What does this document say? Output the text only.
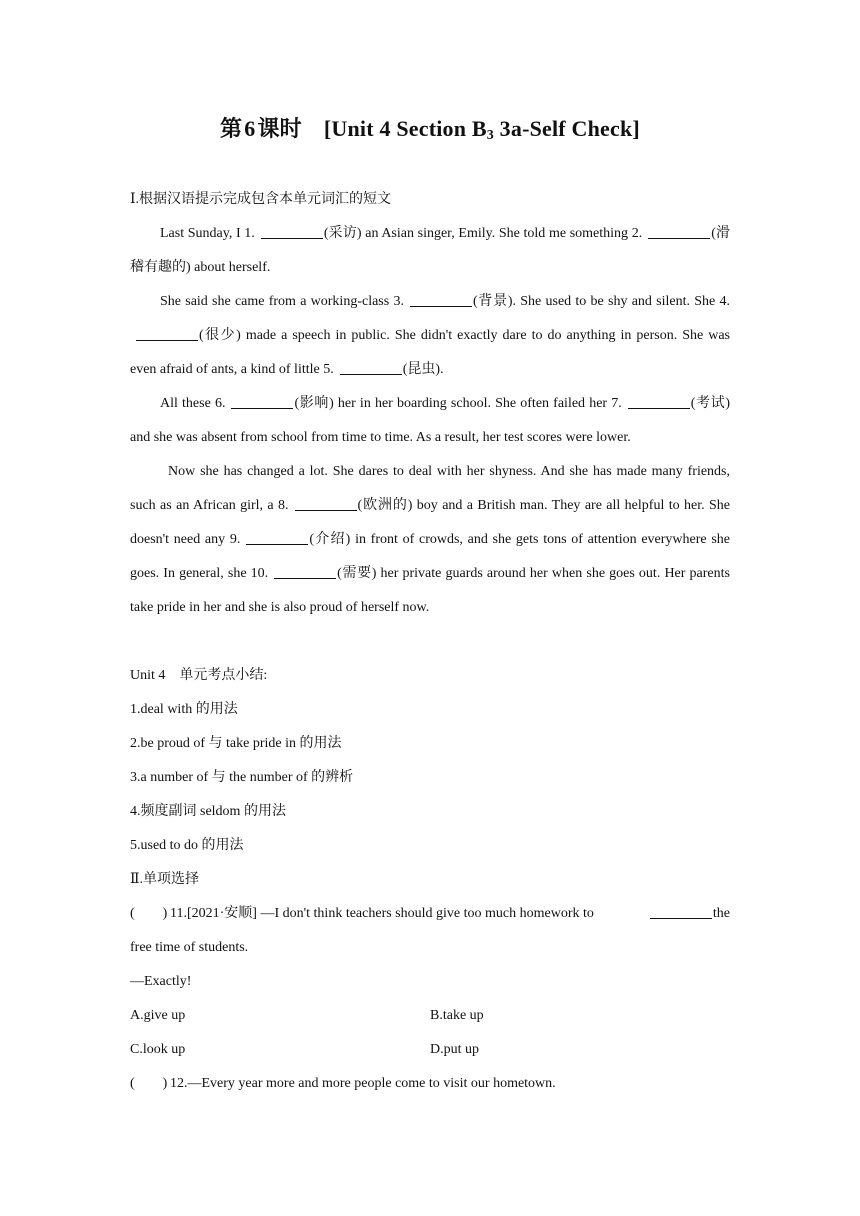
第6课时 [Unit 4 Section $B_3$ 3a-Self Check]

Ⅰ.根据汉语提示完成包含本单元词汇的短文

Last Sunday, I 1.	(采访) an Asian singer, Emily. She told me something 2.	(滑稽有趣的) about herself.

She said she came from a working-class 3.	(背景). She used to be shy and silent. She 4.(很少) made a speech in public. She didn't exactly dare to do anything in person. She was even afraid of ants, a kind of little 5.	(昆虫).

All these 6.	(影响) her in her boarding school. She often failed her 7.	(考试) and she was absent from school from time to time. As a result, her test scores were lower.

Now she has changed a lot. She dares to deal with her shyness. And she has made many friends, such as an African girl, a 8.	(欧洲的) boy and a British man. They are all helpful to her. She doesn't need any 9.	(介绍) in front of crowds, and she gets tons of attention everywhere she goes. In general, she 10.	(需要) her private guards around her when she goes out. Her parents take pride in her and she is also proud of herself now.

Unit 4　单元考点小结:

1.deal with 的用法

2.be proud of 与 take pride in 的用法

3.a number of 与 the number of 的辨析

4.频度副词 seldom 的用法

5.used to do 的用法

Ⅱ.单项选择

(　　) 11.[2021·安顺] —I don't think teachers should give too much homework to	the

free time of students.

—Exactly!

A.give up	B.take up
C.look up	D.put up

(　　) 12.—Every year more and more people come to visit our hometown.
